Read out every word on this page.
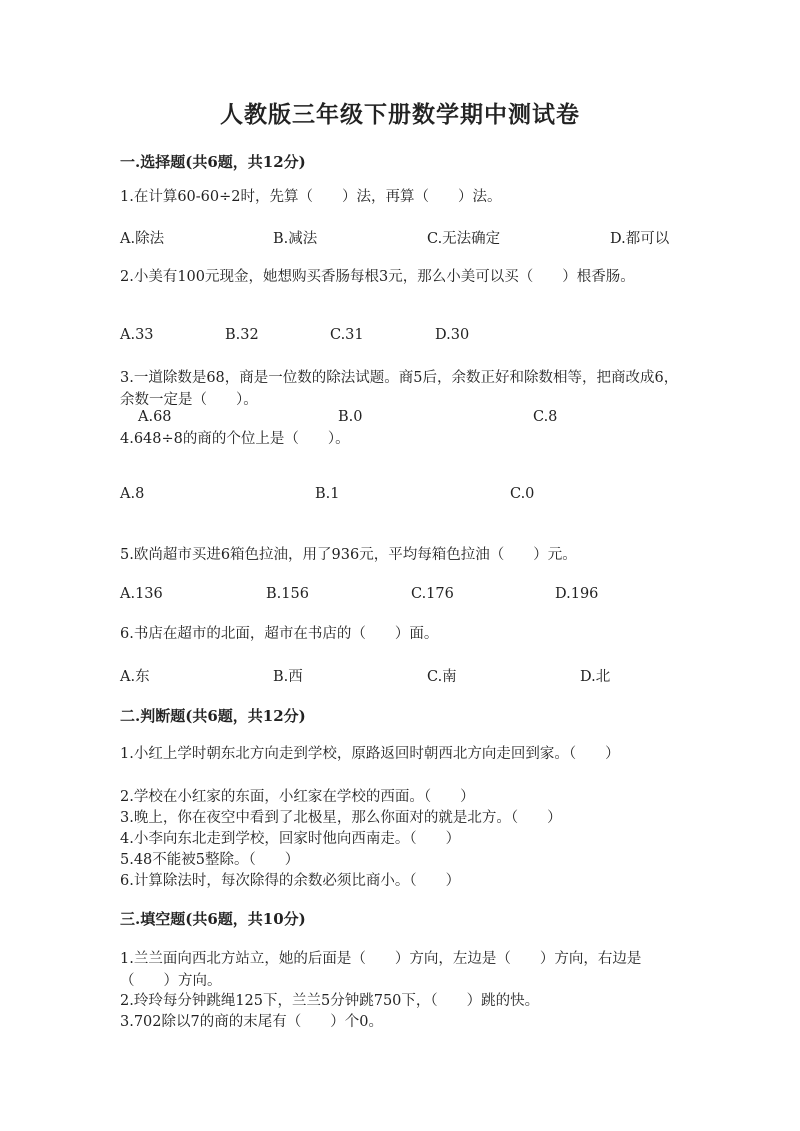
人教版三年级下册数学期中测试卷
一.选择题(共6题，共12分)
1.在计算60-60÷2时，先算（　　）法，再算（　　）法。
A.除法	B.减法	C.无法确定	D.都可以
2.小美有100元现金，她想购买香肠每根3元，那么小美可以买（　　）根香肠。
A.33	B.32	C.31	D.30
3.一道除数是68，商是一位数的除法试题。商5后，余数正好和除数相等，把商改成6，余数一定是（　　）。
A.68	B.0	C.8
4.648÷8的商的个位上是（　　）。
A.8	B.1	C.0
5.欧尚超市买进6箱色拉油，用了936元，平均每箱色拉油（　　）元。
A.136	B.156	C.176	D.196
6.书店在超市的北面，超市在书店的（　　）面。
A.东	B.西	C.南	D.北
二.判断题(共6题，共12分)
1.小红上学时朝东北方向走到学校，原路返回时朝西北方向走回到家。（　　）
2.学校在小红家的东面，小红家在学校的西面。（　　）
3.晚上，你在夜空中看到了北极星，那么你面对的就是北方。（　　）
4.小李向东北走到学校，回家时他向西南走。（　　）
5.48不能被5整除。（　　）
6.计算除法时，每次除得的余数必须比商小。（　　）
三.填空题(共6题，共10分)
1.兰兰面向西北方站立，她的后面是（　　）方向，左边是（　　）方向，右边是（　　）方向。
2.玲玲每分钟跳绳125下，兰兰5分钟跳750下，（　　）跳的快。
3.702除以7的商的末尾有（　　）个0。
